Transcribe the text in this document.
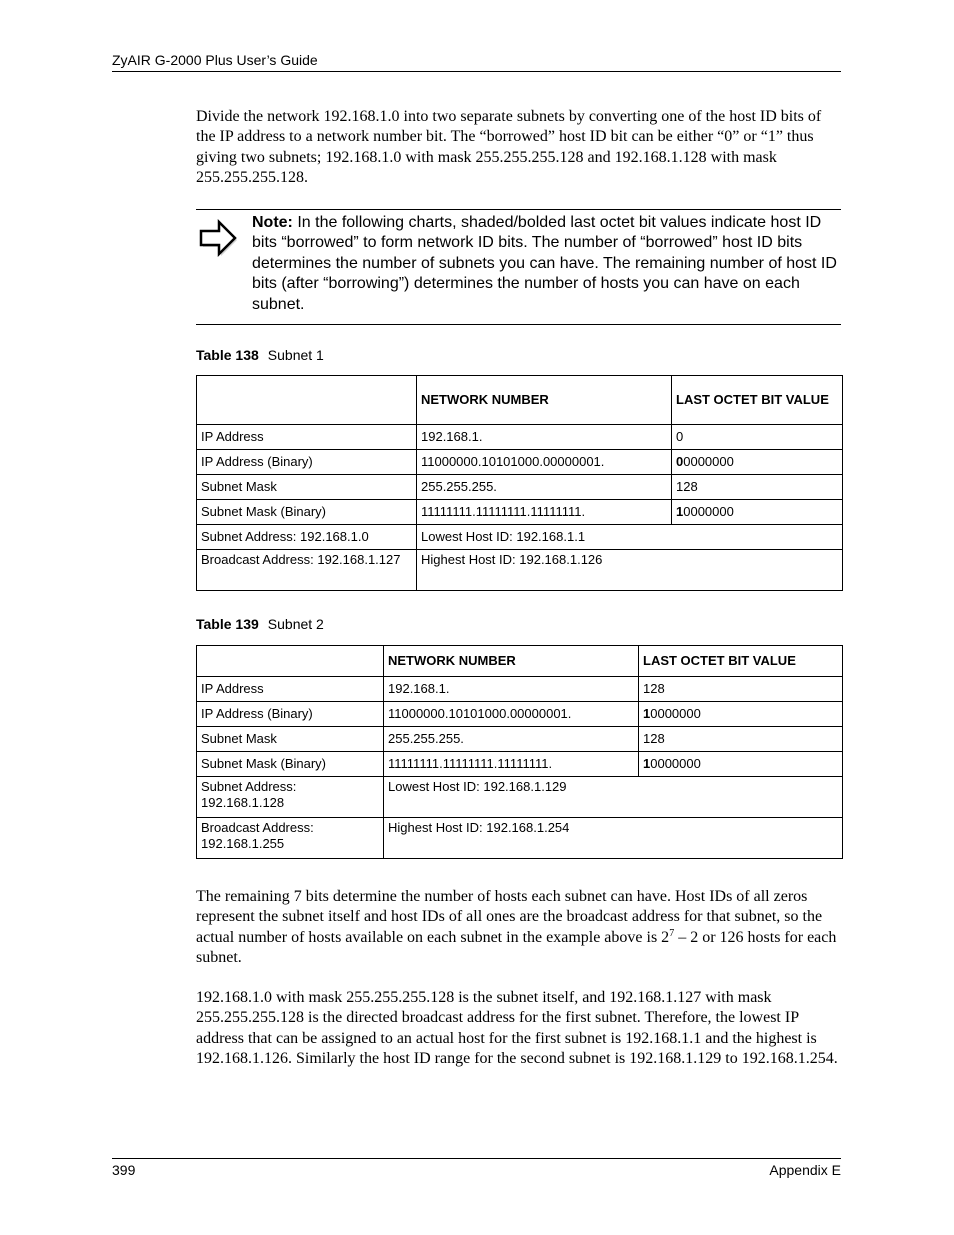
ZyAIR G-2000 Plus User’s Guide
Divide the network 192.168.1.0 into two separate subnets by converting one of the host ID bits of the IP address to a network number bit. The “borrowed” host ID bit can be either “0” or “1” thus giving two subnets; 192.168.1.0 with mask 255.255.255.128 and 192.168.1.128 with mask 255.255.255.128.
Note: In the following charts, shaded/bolded last octet bit values indicate host ID bits “borrowed” to form network ID bits. The number of “borrowed” host ID bits determines the number of subnets you can have. The remaining number of host ID bits (after “borrowing”) determines the number of hosts you can have on each subnet.
Table 138 Subnet 1
	NETWORK NUMBER	LAST OCTET BIT VALUE
IP Address	192.168.1.	0
IP Address (Binary)	11000000.10101000.00000001.	00000000
Subnet Mask	255.255.255.	128
Subnet Mask (Binary)	11111111.11111111.11111111.	10000000
Subnet Address: 192.168.1.0	Lowest Host ID: 192.168.1.1	
Broadcast Address: 192.168.1.127	Highest Host ID: 192.168.1.126	
Table 139 Subnet 2
	NETWORK NUMBER	LAST OCTET BIT VALUE
IP Address	192.168.1.	128
IP Address (Binary)	11000000.10101000.00000001.	10000000
Subnet Mask	255.255.255.	128
Subnet Mask (Binary)	11111111.11111111.11111111.	10000000
Subnet Address: 192.168.1.128	Lowest Host ID: 192.168.1.129	
Broadcast Address: 192.168.1.255	Highest Host ID: 192.168.1.254	
The remaining 7 bits determine the number of hosts each subnet can have. Host IDs of all zeros represent the subnet itself and host IDs of all ones are the broadcast address for that subnet, so the actual number of hosts available on each subnet in the example above is $2^7 - 2$ or 126 hosts for each subnet.
192.168.1.0 with mask 255.255.255.128 is the subnet itself, and 192.168.1.127 with mask 255.255.255.128 is the directed broadcast address for the first subnet. Therefore, the lowest IP address that can be assigned to an actual host for the first subnet is 192.168.1.1 and the highest is 192.168.1.126. Similarly the host ID range for the second subnet is 192.168.1.129 to 192.168.1.254.
399	Appendix E
